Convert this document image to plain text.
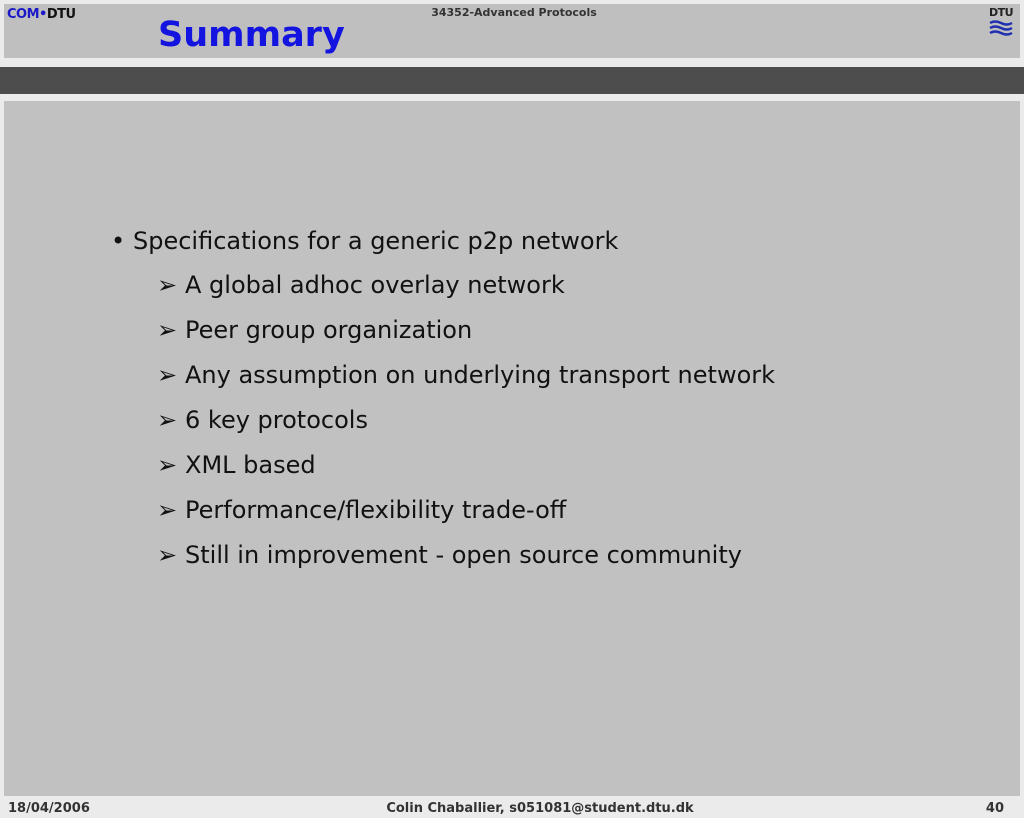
COM•DTU	34352-Advanced Protocols
Summary
DTU
• Specifications for a generic p2p network
➢ A global adhoc overlay network
➢ Peer group organization
➢ Any assumption on underlying transport network
➢ 6 key protocols
➢ XML based
➢ Performance/flexibility trade-off
➢ Still in improvement - open source community
18/04/2006	Colin Chaballier, s051081@student.dtu.dk	40
